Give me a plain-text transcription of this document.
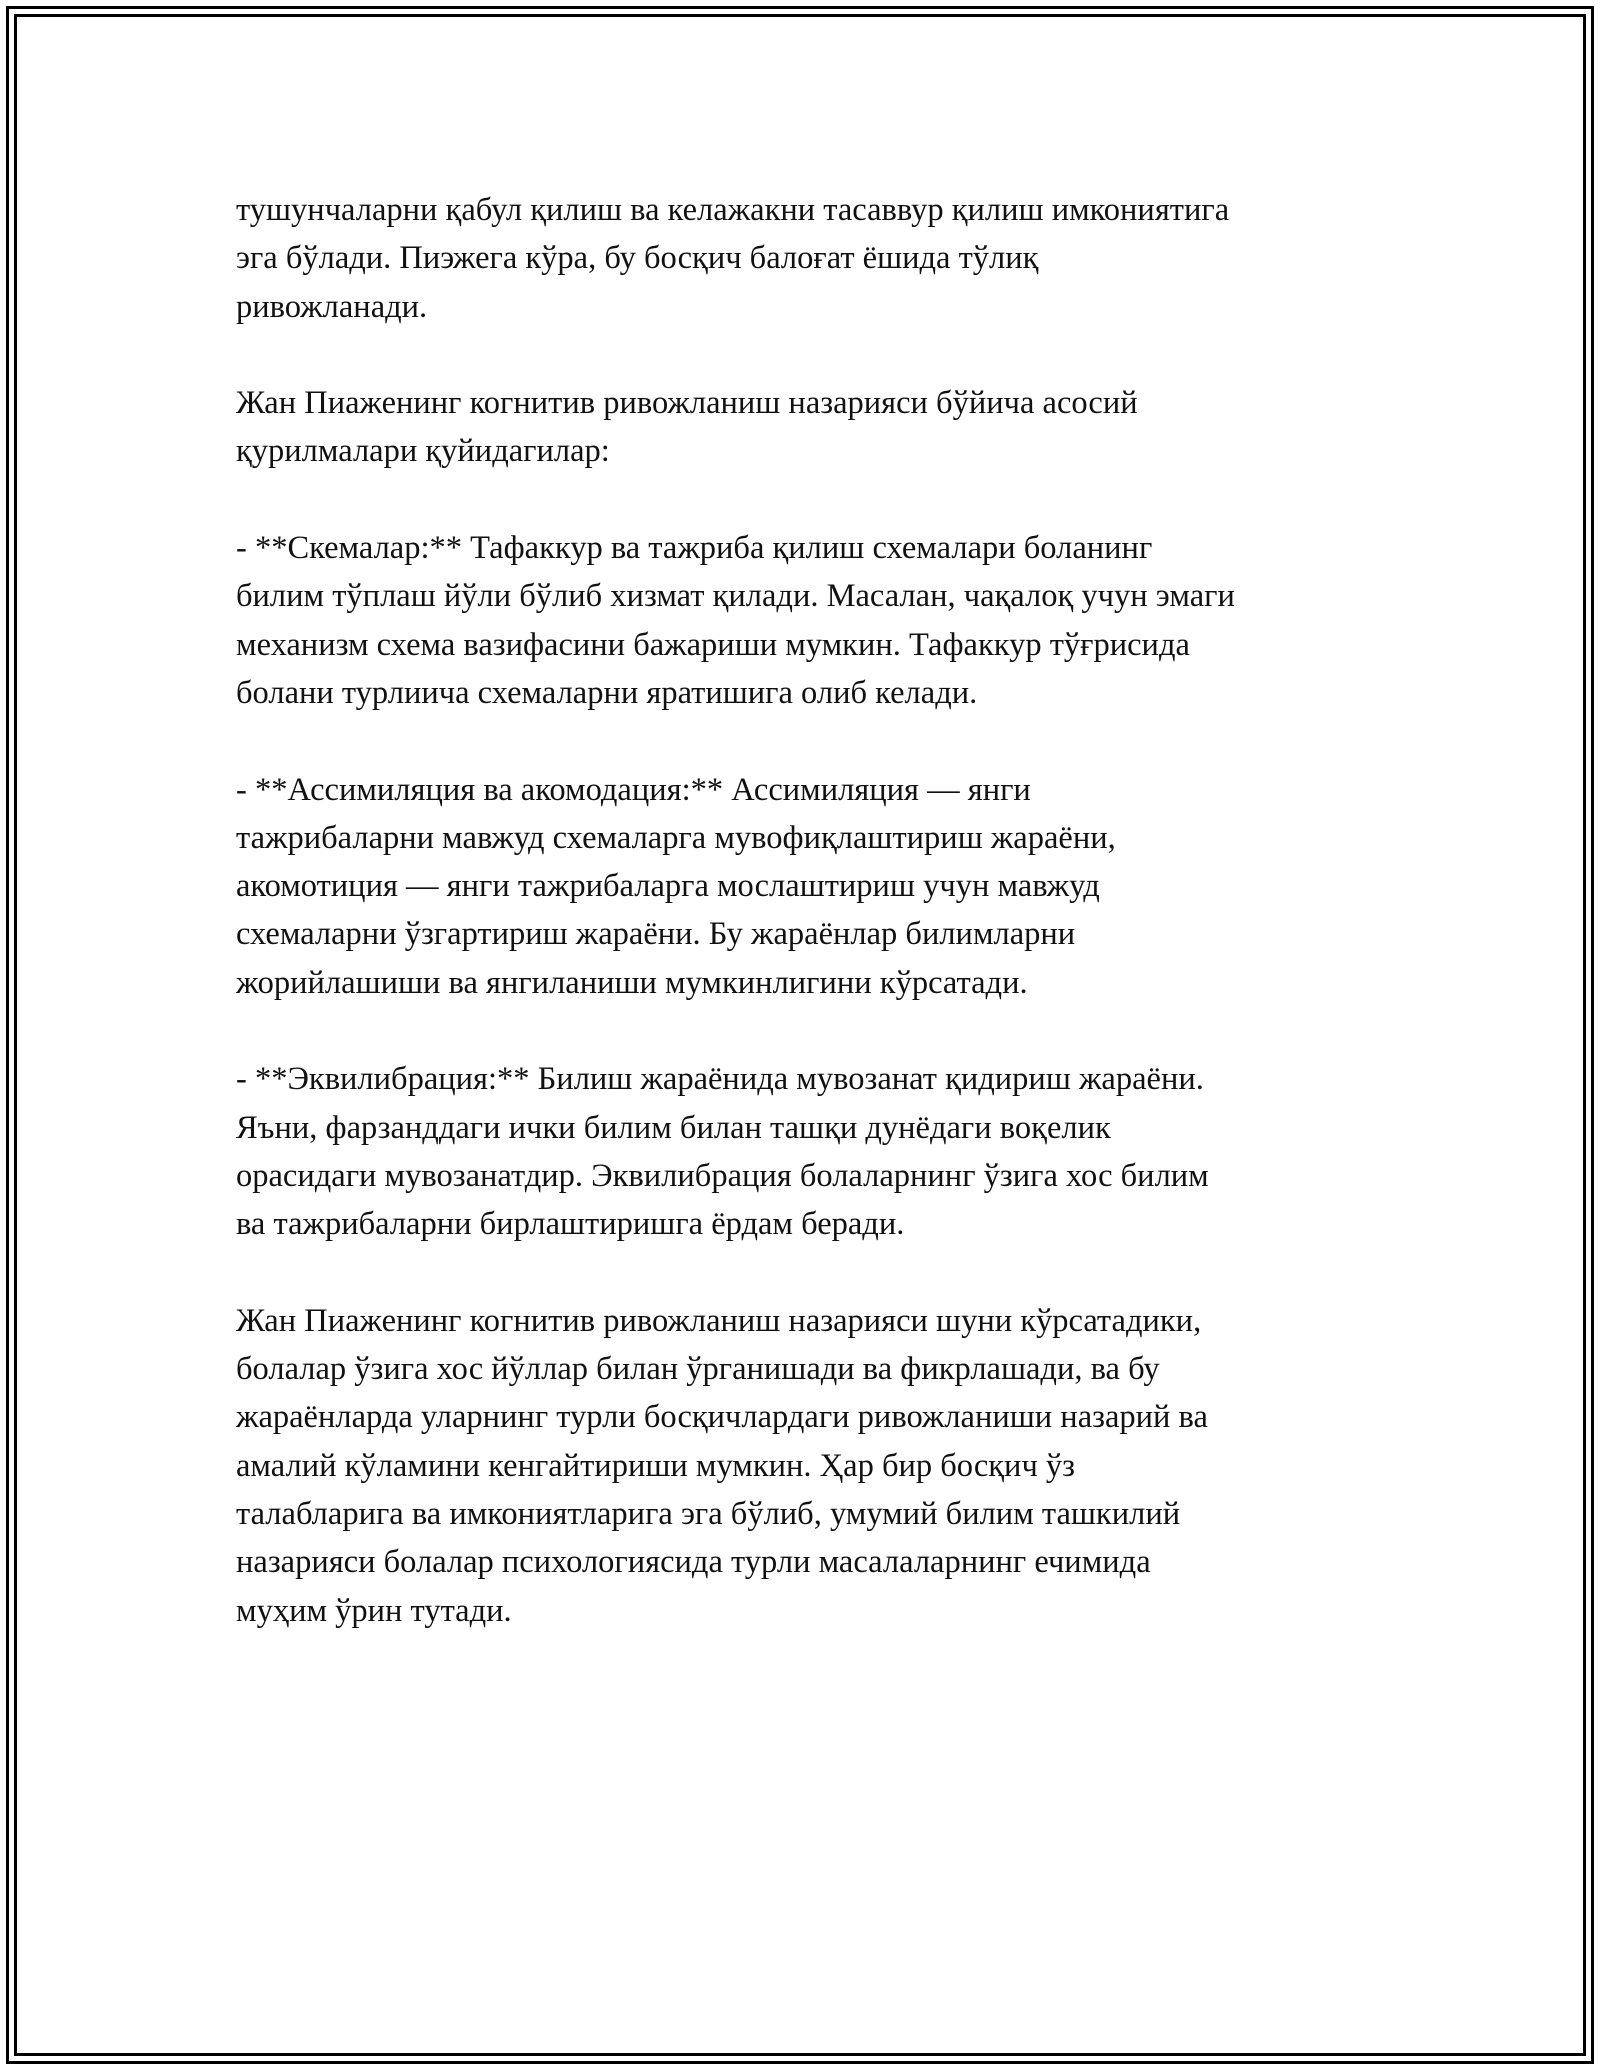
тушунчаларни қабул қилиш ва келажакни тасаввур қилиш имкониятига
эга бўлади. Пиэжега кўра, бу босқич балоғат ёшида тўлиқ
ривожланади.

Жан Пиаженинг когнитив ривожланиш назарияси бўйича асосий
қурилмалари қуйидагилар:

- **Скемалар:** Тафаккур ва тажриба қилиш схемалари боланинг
билим тўплаш йўли бўлиб хизмат қилади. Масалан, чақалоқ учун эмаги
механизм схема вазифасини бажариши мумкин. Тафаккур тўғрисида
болани турлиича схемаларни яратишига олиб келади.

- **Ассимиляция ва акомодация:** Ассимиляция — янги
тажрибаларни мавжуд схемаларга мувофиқлаштириш жараёни,
акомотиция — янги тажрибаларга мослаштириш учун мавжуд
схемаларни ўзгартириш жараёни. Бу жараёнлар билимларни
жорийлашиши ва янгиланиши мумкинлигини кўрсатади.

- **Эквилибрация:** Билиш жараёнида мувозанат қидириш жараёни.
Яъни, фарзанддаги ички билим билан ташқи дунёдаги воқелик
орасидаги мувозанатдир. Эквилибрация болаларнинг ўзига хос билим
ва тажрибаларни бирлаштиришга ёрдам беради.

Жан Пиаженинг когнитив ривожланиш назарияси шуни кўрсатадики,
болалар ўзига хос йўллар билан ўрганишади ва фикрлашади, ва бу
жараёнларда уларнинг турли босқичлардаги ривожланиши назарий ва
амалий кўламини кенгайтириши мумкин. Ҳар бир босқич ўз
талабларига ва имкониятларига эга бўлиб, умумий билим ташкилий
назарияси болалар психологиясида турли масалаларнинг ечимида
муҳим ўрин тутади.
